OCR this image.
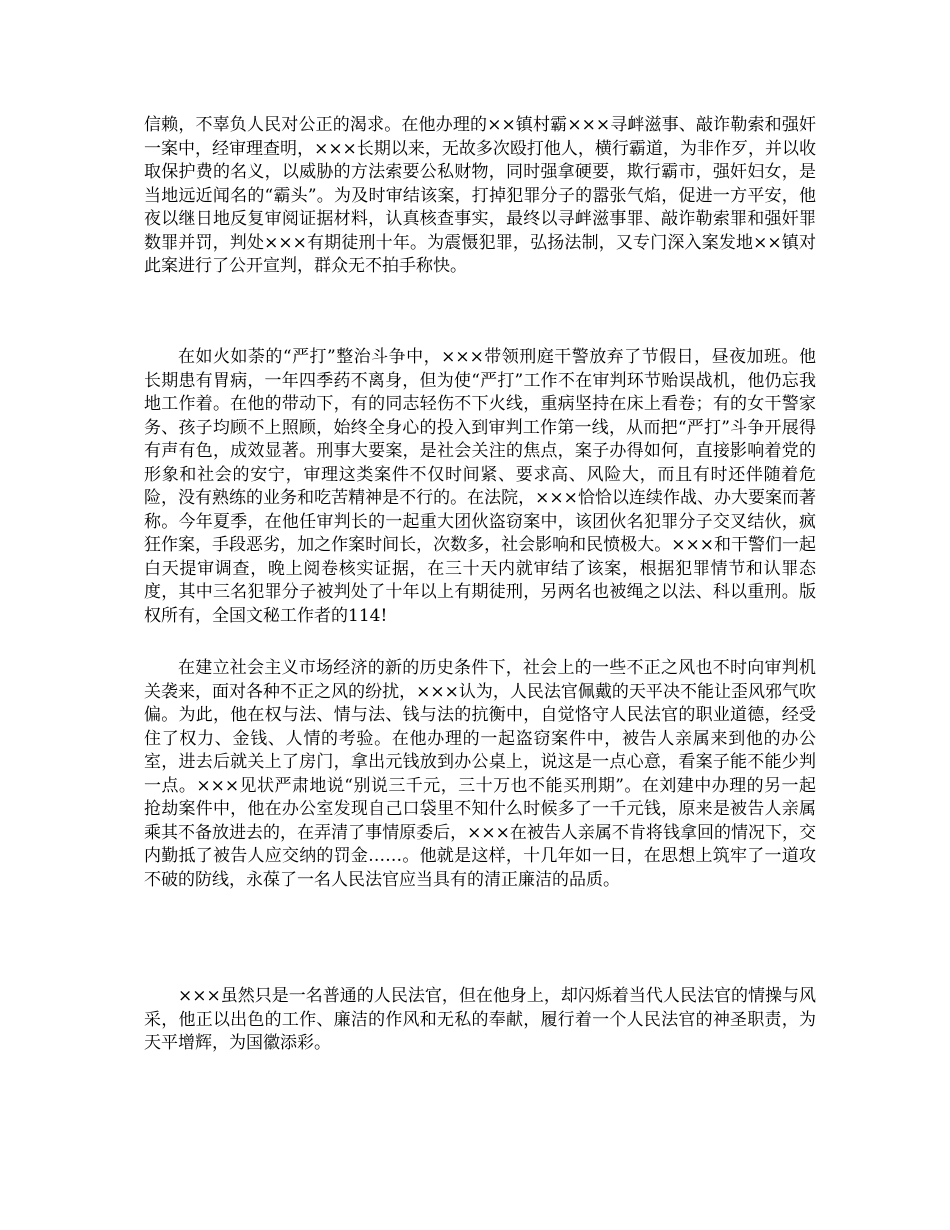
信赖，不辜负人民对公正的渴求。在他办理的××镇村霸×××寻衅滋事、敲诈勒索和强奸一案中，经审理查明，×××长期以来，无故多次殴打他人，横行霸道，为非作歹，并以收取保护费的名义，以威胁的方法索要公私财物，同时强拿硬要，欺行霸市，强奸妇女，是当地远近闻名的“霸头”。为及时审结该案，打掉犯罪分子的嚣张气焰，促进一方平安，他夜以继日地反复审阅证据材料，认真核查事实，最终以寻衅滋事罪、敲诈勒索罪和强奸罪数罪并罚，判处×××有期徒刑十年。为震慑犯罪，弘扬法制，又专门深入案发地××镇对此案进行了公开宣判，群众无不拍手称快。

在如火如荼的“严打”整治斗争中，×××带领刑庭干警放弃了节假日，昼夜加班。他长期患有胃病，一年四季药不离身，但为使“严打”工作不在审判环节贻误战机，他仍忘我地工作着。在他的带动下，有的同志轻伤不下火线，重病坚持在床上看卷；有的女干警家务、孩子均顾不上照顾，始终全身心的投入到审判工作第一线，从而把“严打”斗争开展得有声有色，成效显著。刑事大要案，是社会关注的焦点，案子办得如何，直接影响着党的形象和社会的安宁，审理这类案件不仅时间紧、要求高、风险大，而且有时还伴随着危险，没有熟练的业务和吃苦精神是不行的。在法院，×××恰恰以连续作战、办大要案而著称。今年夏季，在他任审判长的一起重大团伙盗窃案中，该团伙名犯罪分子交叉结伙，疯狂作案，手段恶劣，加之作案时间长，次数多，社会影响和民愤极大。×××和干警们一起白天提审调查，晚上阅卷核实证据，在三十天内就审结了该案，根据犯罪情节和认罪态度，其中三名犯罪分子被判处了十年以上有期徒刑，另两名也被绳之以法、科以重刑。版权所有，全国文秘工作者的114!

在建立社会主义市场经济的新的历史条件下，社会上的一些不正之风也不时向审判机关袭来，面对各种不正之风的纷扰，×××认为，人民法官佩戴的天平决不能让歪风邪气吹偏。为此，他在权与法、情与法、钱与法的抗衡中，自觉恪守人民法官的职业道德，经受住了权力、金钱、人情的考验。在他办理的一起盗窃案件中，被告人亲属来到他的办公室，进去后就关上了房门，拿出元钱放到办公桌上，说这是一点心意，看案子能不能少判一点。×××见状严肃地说“别说三千元，三十万也不能买刑期”。在刘建中办理的另一起抢劫案件中，他在办公室发现自己口袋里不知什么时候多了一千元钱，原来是被告人亲属乘其不备放进去的，在弄清了事情原委后，×××在被告人亲属不肯将钱拿回的情况下，交内勤抵了被告人应交纳的罚金……。他就是这样，十几年如一日，在思想上筑牢了一道攻不破的防线，永葆了一名人民法官应当具有的清正廉洁的品质。

×××虽然只是一名普通的人民法官，但在他身上，却闪烁着当代人民法官的情操与风采，他正以出色的工作、廉洁的作风和无私的奉献，履行着一个人民法官的神圣职责，为天平增辉，为国徽添彩。
